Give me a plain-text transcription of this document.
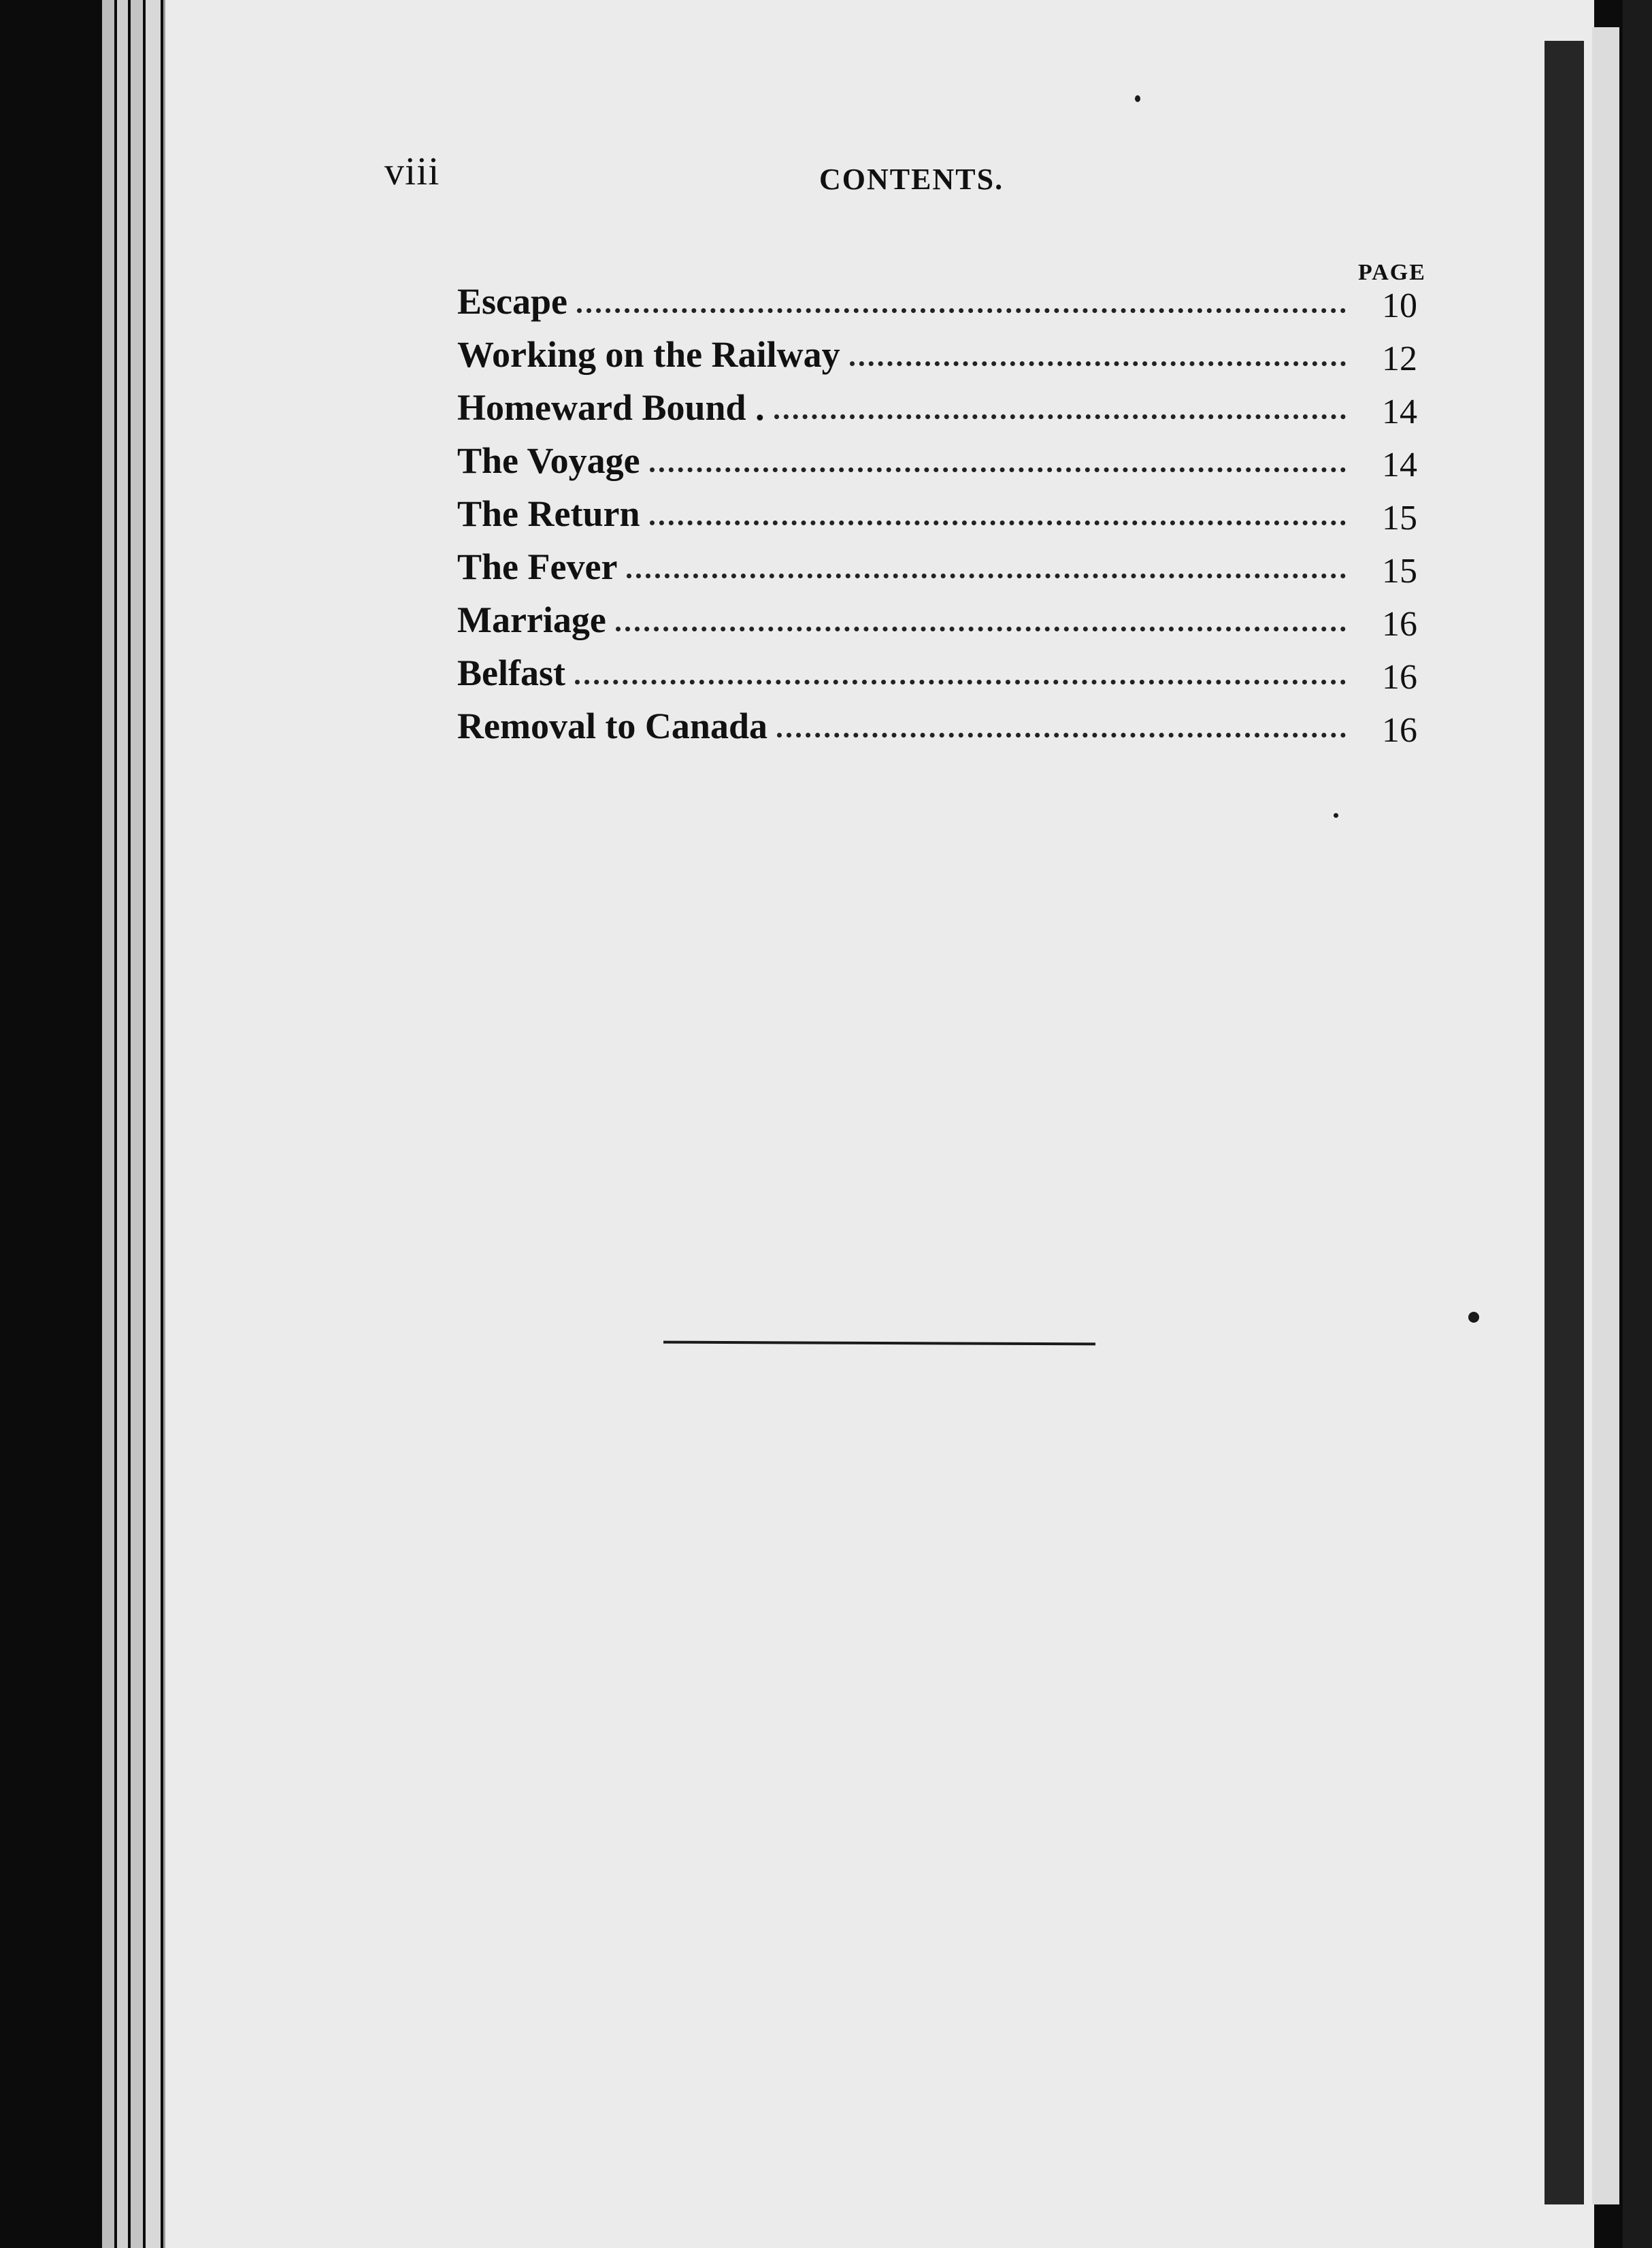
viii	CONTENTS.
PAGE
Escape	10
Working on the Railway	12
Homeward Bound .	14
The Voyage	14
The Return	15
The Fever	15
Marriage	16
Belfast	16
Removal to Canada	16
